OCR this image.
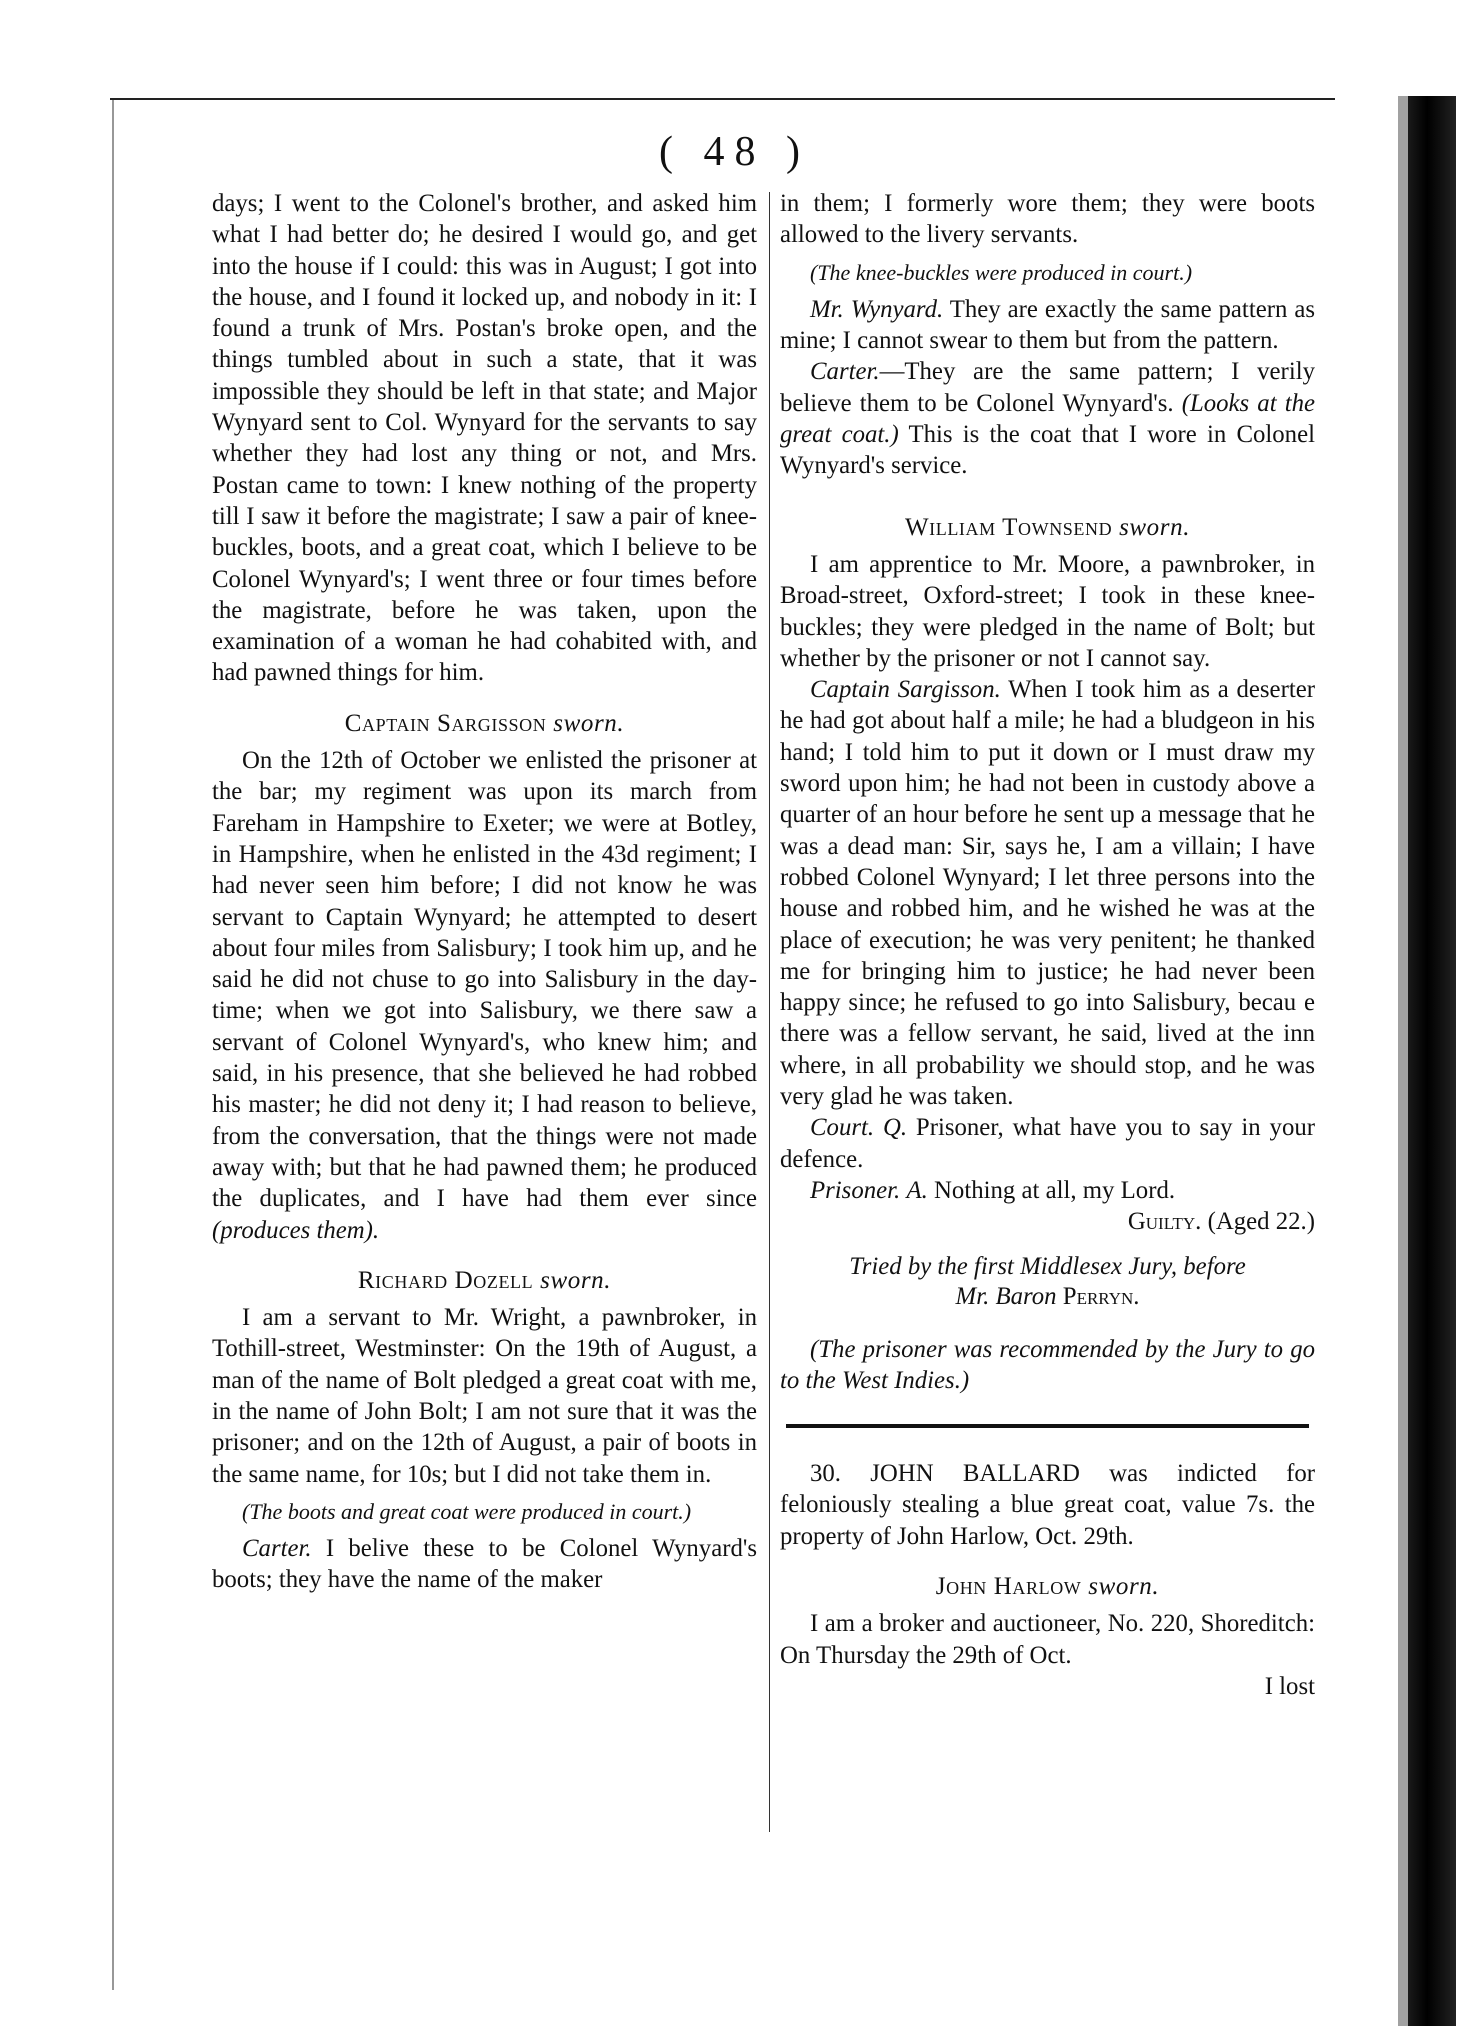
( 48 )

days; I went to the Colonel's brother, and asked him what I had better do; he desired I would go, and get into the house if I could: this was in August; I got into the house, and I found it locked up, and nobody in it: I found a trunk of Mrs. Postan's broke open, and the things tumbled about in such a state, that it was impossible they should be left in that state; and Major Wynyard sent to Col. Wynyard for the servants to say whether they had lost any thing or not, and Mrs. Postan came to town: I knew nothing of the property till I saw it before the magistrate; I saw a pair of knee-buckles, boots, and a great coat, which I believe to be Colonel Wynyard's; I went three or four times before the magistrate, before he was taken, upon the examination of a woman he had cohabited with, and had pawned things for him.

Captain Sargisson sworn.

On the 12th of October we enlisted the prisoner at the bar; my regiment was upon its march from Fareham in Hampshire to Exeter; we were at Botley, in Hampshire, when he enlisted in the 43d regiment; I had never seen him before; I did not know he was servant to Captain Wynyard; he attempted to desert about four miles from Salisbury; I took him up, and he said he did not chuse to go into Salisbury in the day-time; when we got into Salisbury, we there saw a servant of Colonel Wynyard's, who knew him; and said, in his presence, that she believed he had robbed his master; he did not deny it; I had reason to believe, from the conversation, that the things were not made away with; but that he had pawned them; he produced the duplicates, and I have had them ever since (produces them).

Richard Dozell sworn.

I am a servant to Mr. Wright, a pawnbroker, in Tothill-street, Westminster: On the 19th of August, a man of the name of Bolt pledged a great coat with me, in the name of John Bolt; I am not sure that it was the prisoner; and on the 12th of August, a pair of boots in the same name, for 10s; but I did not take them in.

(The boots and great coat were produced in court.)

Carter. I belive these to be Colonel Wynyard's boots; they have the name of the maker

in them; I formerly wore them; they were boots allowed to the livery servants.

(The knee-buckles were produced in court.)

Mr. Wynyard. They are exactly the same pattern as mine; I cannot swear to them but from the pattern.

Carter.—They are the same pattern; I verily believe them to be Colonel Wynyard's. (Looks at the great coat.) This is the coat that I wore in Colonel Wynyard's service.

William Townsend sworn.

I am apprentice to Mr. Moore, a pawnbroker, in Broad-street, Oxford-street; I took in these knee-buckles; they were pledged in the name of Bolt; but whether by the prisoner or not I cannot say.

Captain Sargisson. When I took him as a deserter he had got about half a mile; he had a bludgeon in his hand; I told him to put it down or I must draw my sword upon him; he had not been in custody above a quarter of an hour before he sent up a message that he was a dead man: Sir, says he, I am a villain; I have robbed Colonel Wynyard; I let three persons into the house and robbed him, and he wished he was at the place of execution; he was very penitent; he thanked me for bringing him to justice; he had never been happy since; he refused to go into Salisbury, becau e there was a fellow servant, he said, lived at the inn where, in all probability we should stop, and he was very glad he was taken.

Court. Q. Prisoner, what have you to say in your defence.

Prisoner. A. Nothing at all, my Lord.

Guilty. (Aged 22.)

Tried by the first Middlesex Jury, before
Mr. Baron Perryn.

(The prisoner was recommended by the Jury to go to the West Indies.)

30. JOHN BALLARD was indicted for feloniously stealing a blue great coat, value 7s. the property of John Harlow, Oct. 29th.

John Harlow sworn.

I am a broker and auctioneer, No. 220, Shoreditch: On Thursday the 29th of Oct.

I lost
